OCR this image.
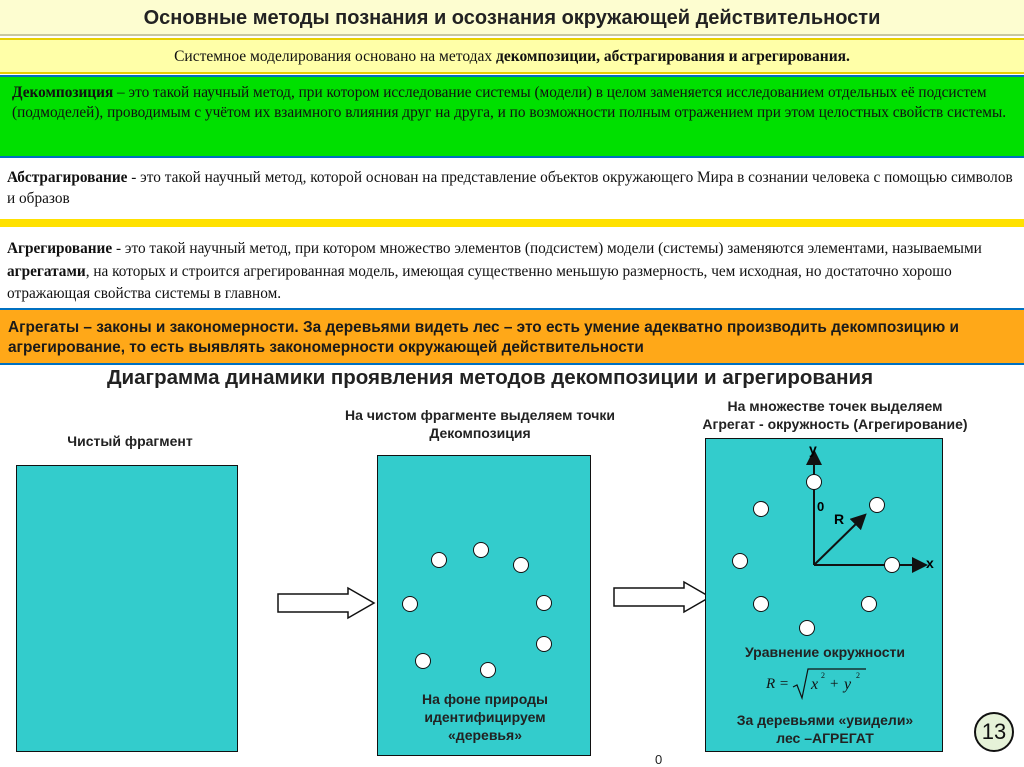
Основные методы познания и осознания окружающей действительности
Системное моделирования основано на методах декомпозиции, абстрагирования и агрегирования.
Декомпозиция – это такой научный метод, при котором исследование системы (модели) в целом заменяется исследованием отдельных её подсистем (подмоделей), проводимым с учётом их взаимного влияния друг на друга, и по возможности полным отражением при этом целостных свойств системы.
Абстрагирование - это такой научный метод, которой основан на представление объектов окружающего Мира в сознании человека с помощью символов и образов
Агрегирование - это такой научный метод, при котором множество элементов (подсистем) модели (системы) заменяются элементами, называемыми агрегатами, на которых и строится агрегированная модель, имеющая существенно меньшую размерность, чем исходная, но достаточно хорошо отражающая свойства системы в главном.
Агрегаты – законы и закономерности. За деревьями видеть лес – это есть умение адекватно производить декомпозицию и агрегирование, то есть выявлять закономерности окружающей действительности
Диаграмма динамики проявления методов декомпозиции и агрегирования
Чистый фрагмент
На чистом фрагменте выделяем точки
Декомпозиция
На фоне природы
идентифицируем
«деревья»
На множестве точек выделяем
Агрегат - окружность (Агрегирование)
y
x
0
R
Уравнение окружности
R = x
2
+ y
2
За деревьями «увидели»
лес –АГРЕГАТ
0
13
